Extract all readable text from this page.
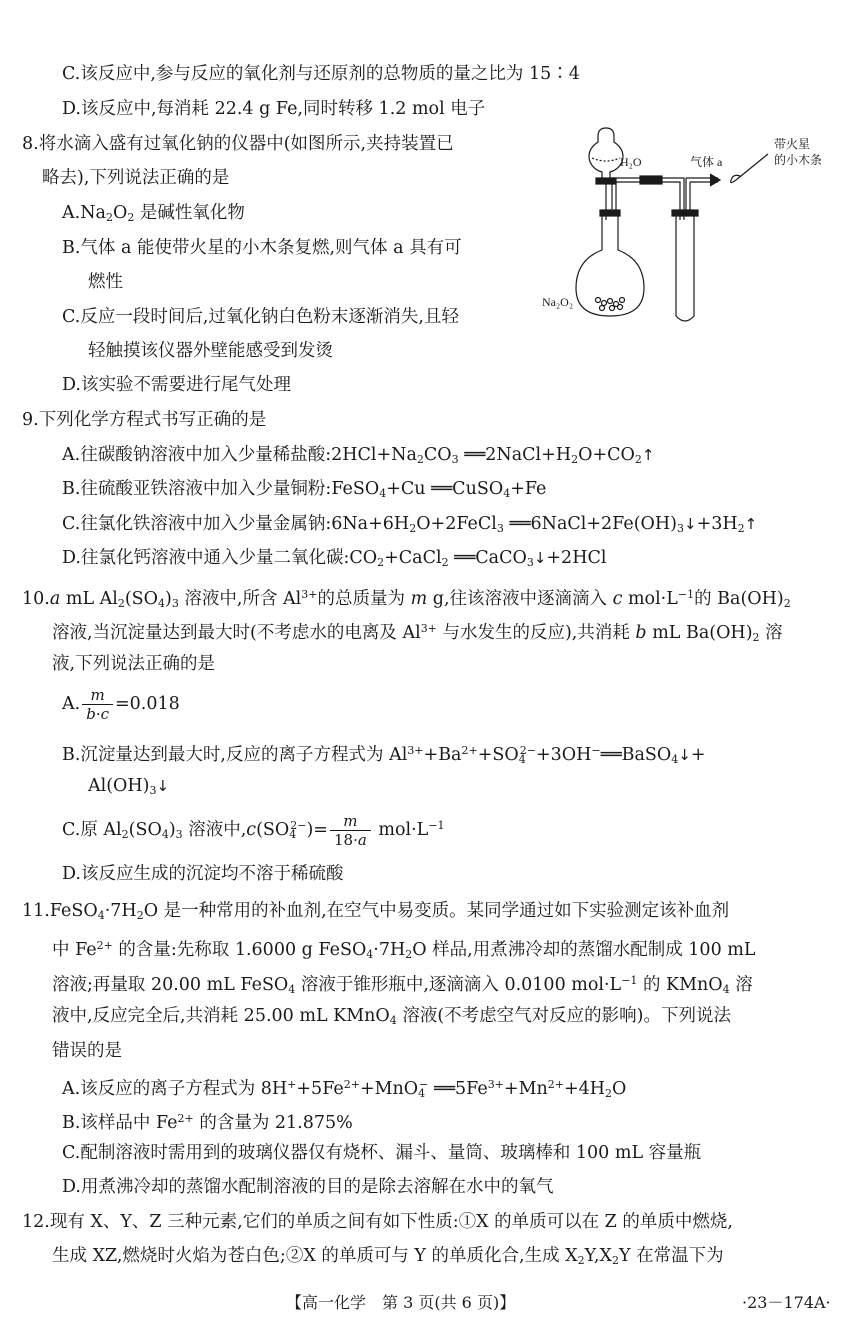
C.该反应中,参与反应的氧化剂与还原剂的总物质的量之比为 15∶4
D.该反应中,每消耗 22.4 g Fe,同时转移 1.2 mol 电子
8.将水滴入盛有过氧化钠的仪器中(如图所示,夹持装置已
略去),下列说法正确的是
$A.Na_2O_2$ 是碱性氧化物
B.气体 a 能使带火星的小木条复燃,则气体 a 具有可
燃性
C.反应一段时间后,过氧化钠白色粉末逐渐消失,且轻
轻触摸该仪器外壁能感受到发烫
D.该实验不需要进行尾气处理
H₂O	气体 a
带火星
的小木条
Na₂O₂
9.下列化学方程式书写正确的是
A.往碳酸钠溶液中加入少量稀盐酸$:2HCl+Na_2CO_3$ $══2NaCl+H_2O+CO_2↑$
B.往硫酸亚铁溶液中加入少量铜粉:FeSO$_4$+Cu ══CuSO$_4$+Fe
C.往氯化铁溶液中加入少量金属钠$:6Na+6H_2O+2FeCl_3$ $══6NaCl+2Fe(OH)_3↓+3H_2↑$
D.往氯化钙溶液中通入少量二氧化碳$:CO_2+CaCl_2$ ══CaCO$_3$↓+2HCl
10.a mL $Al_2(SO_4)_3$ 溶液中,所含 $Al^{3+}$的总质量为 m g,往该溶液中逐滴滴入 c $mol\cdot L^{-1}$的 $Ba(OH)_2$
溶液,当沉淀量达到最大时(不考虑水的电离及 $Al^{3+}$ 与水发生的反应),共消耗 b mL $Ba(OH)_2$ 溶
液,下列说法正确的是
A. $\frac{m}{b\cdot c} =0.018$
B.沉淀量达到最大时,反应的离子方程式为 $Al^{3+}+Ba^{2+}+SO_4^{2-}+3OH^-══BaSO_4↓+$
$Al(OH)_3↓$
C.原 $Al_2(SO_4)_3$ 溶液中$,c(SO_4^{2-})= \frac{m}{18\cdot a} mol\cdot L^{-1}$
D.该反应生成的沉淀均不溶于稀硫酸
$11.FeSO_4\cdot 7H_2O$ 是一种常用的补血剂,在空气中易变质。某同学通过如下实验测定该补血剂
中 $Fe^{2+}$ 的含量:先称取 1.6000 g $FeSO_4\cdot 7H_2O$ 样品,用煮沸冷却的蒸馏水配制成 100 mL
溶液;再量取 20.00 mL FeSO$_4$ 溶液于锥形瓶中,逐滴滴入 0.0100 $mol\cdot L^{-1}$ 的 KMnO$_4$ 溶
液中,反应完全后,共消耗 25.00 mL KMnO$_4$ 溶液(不考虑空气对反应的影响)。下列说法
错误的是
A.该反应的离子方程式为 $8H^++5Fe^{2+}+MnO_4^-$ $══5Fe^{3+}+Mn^{2+}+4H_2O$
B.该样品中 $Fe^{2+}$ 的含量为 21.875%
C.配制溶液时需用到的玻璃仪器仅有烧杯、漏斗、量筒、玻璃棒和 100 mL 容量瓶
D.用煮沸冷却的蒸馏水配制溶液的目的是除去溶解在水中的氧气
12.现有 X、Y、Z 三种元素,它们的单质之间有如下性质:①X 的单质可以在 Z 的单质中燃烧,
生成 XZ,燃烧时火焰为苍白色;②X 的单质可与 Y 的单质化合,生成 $X_2Y,X_2Y$ 在常温下为
【高一化学　第 3 页(共 6 页)】	·23－174A·
